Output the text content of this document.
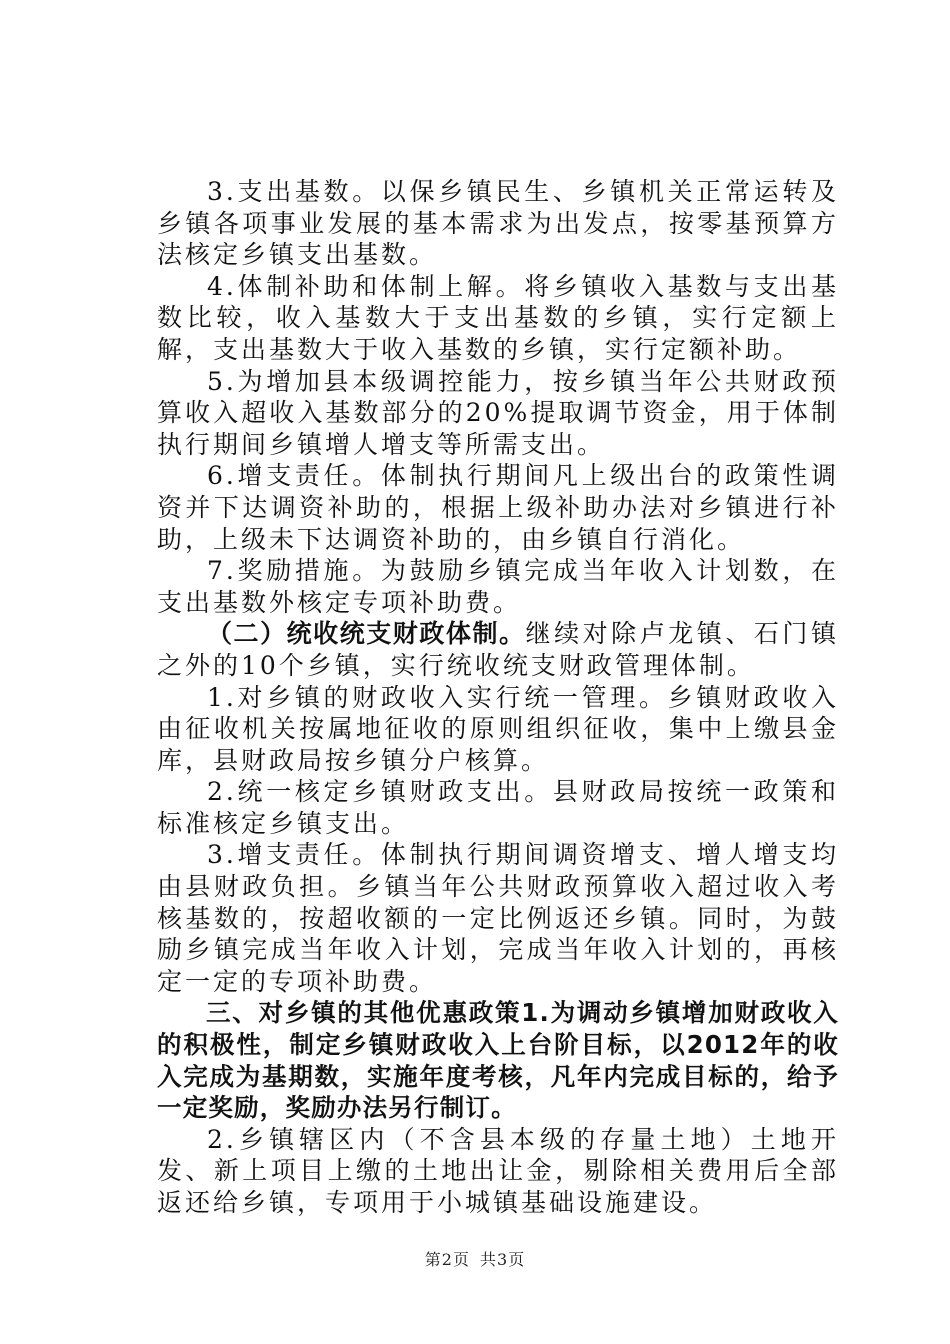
3.支出基数。以保乡镇民生、乡镇机关正常运转及乡镇各项事业发展的基本需求为出发点，按零基预算方法核定乡镇支出基数。

4.体制补助和体制上解。将乡镇收入基数与支出基数比较，收入基数大于支出基数的乡镇，实行定额上解，支出基数大于收入基数的乡镇，实行定额补助。

5.为增加县本级调控能力，按乡镇当年公共财政预算收入超收入基数部分的20%提取调节资金，用于体制执行期间乡镇增人增支等所需支出。

6.增支责任。体制执行期间凡上级出台的政策性调资并下达调资补助的，根据上级补助办法对乡镇进行补助，上级未下达调资补助的，由乡镇自行消化。

7.奖励措施。为鼓励乡镇完成当年收入计划数，在支出基数外核定专项补助费。

（二）统收统支财政体制。继续对除卢龙镇、石门镇之外的10个乡镇，实行统收统支财政管理体制。

1.对乡镇的财政收入实行统一管理。乡镇财政收入由征收机关按属地征收的原则组织征收，集中上缴县金库，县财政局按乡镇分户核算。

2.统一核定乡镇财政支出。县财政局按统一政策和标准核定乡镇支出。

3.增支责任。体制执行期间调资增支、增人增支均由县财政负担。乡镇当年公共财政预算收入超过收入考核基数的，按超收额的一定比例返还乡镇。同时，为鼓励乡镇完成当年收入计划，完成当年收入计划的，再核定一定的专项补助费。

三、对乡镇的其他优惠政策1.为调动乡镇增加财政收入的积极性，制定乡镇财政收入上台阶目标，以2012年的收入完成为基期数，实施年度考核，凡年内完成目标的，给予一定奖励，奖励办法另行制订。

2.乡镇辖区内（不含县本级的存量土地）土地开发、新上项目上缴的土地出让金，剔除相关费用后全部返还给乡镇，专项用于小城镇基础设施建设。

第2页 共3页
